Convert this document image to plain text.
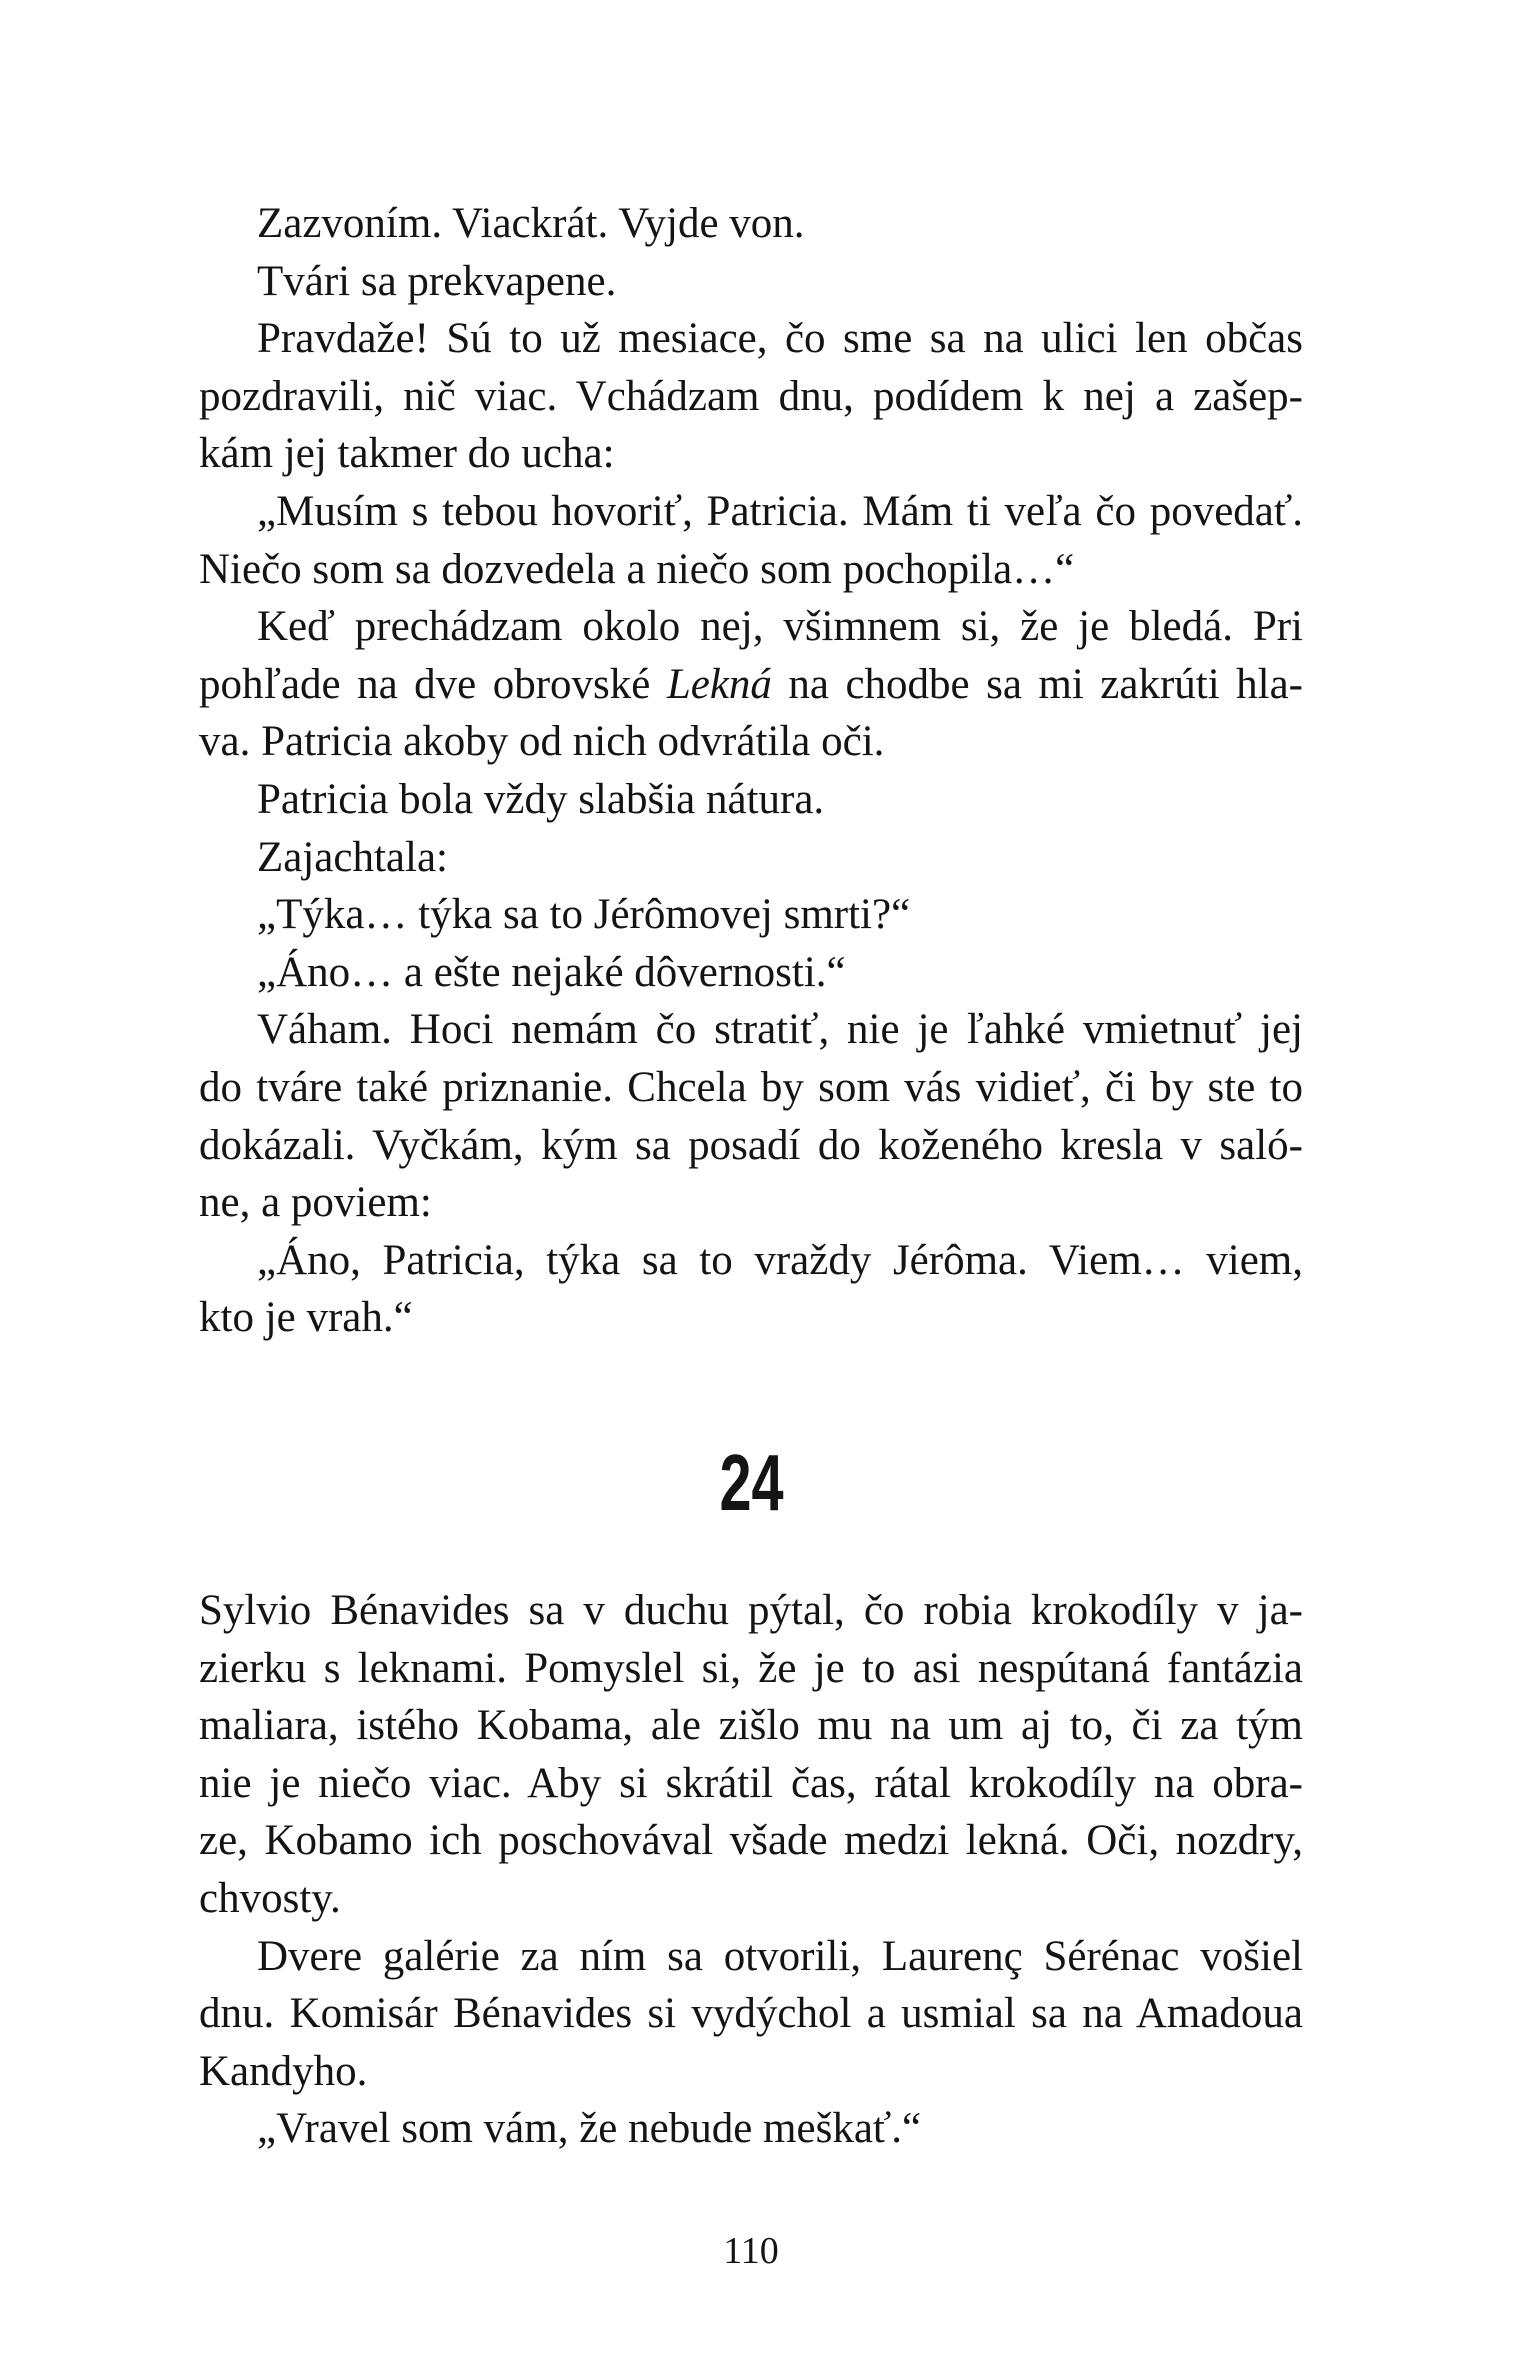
Zazvoním. Viackrát. Vyjde von.
Tvári sa prekvapene.
Pravdaže! Sú to už mesiace, čo sme sa na ulici len občas
pozdravili, nič viac. Vchádzam dnu, podídem k nej a zašep-
kám jej takmer do ucha:
„Musím s tebou hovoriť, Patricia. Mám ti veľa čo povedať.
Niečo som sa dozvedela a niečo som pochopila…“
Keď prechádzam okolo nej, všimnem si, že je bledá. Pri
pohľade na dve obrovské Lekná na chodbe sa mi zakrúti hla-
va. Patricia akoby od nich odvrátila oči.
Patricia bola vždy slabšia nátura.
Zajachtala:
„Týka… týka sa to Jérômovej smrti?“
„Áno… a ešte nejaké dôvernosti.“
Váham. Hoci nemám čo stratiť, nie je ľahké vmietnuť jej
do tváre také priznanie. Chcela by som vás vidieť, či by ste to
dokázali. Vyčkám, kým sa posadí do koženého kresla v saló-
ne, a poviem:
„Áno, Patricia, týka sa to vraždy Jérôma. Viem… viem,
kto je vrah.“
24
Sylvio Bénavides sa v duchu pýtal, čo robia krokodíly v ja-
zierku s leknami. Pomyslel si, že je to asi nespútaná fantázia
maliara, istého Kobama, ale zišlo mu na um aj to, či za tým
nie je niečo viac. Aby si skrátil čas, rátal krokodíly na obra-
ze, Kobamo ich poschovával všade medzi lekná. Oči, nozdry,
chvosty.
Dvere galérie za ním sa otvorili, Laurenç Sérénac vošiel
dnu. Komisár Bénavides si vydýchol a usmial sa na Amadoua
Kandyho.
„Vravel som vám, že nebude meškať.“
110
